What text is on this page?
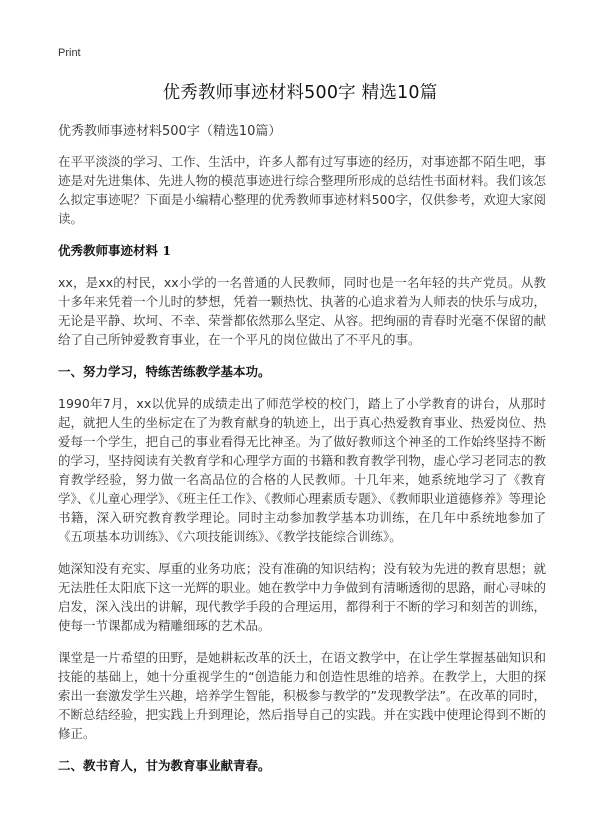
Print
优秀教师事迹材料500字 精选10篇

优秀教师事迹材料500字（精选10篇）

在平平淡淡的学习、工作、生活中，许多人都有过写事迹的经历，对事迹都不陌生吧，事迹是对先进集体、先进人物的模范事迹进行综合整理所形成的总结性书面材料。我们该怎么拟定事迹呢？下面是小编精心整理的优秀教师事迹材料500字，仅供参考，欢迎大家阅读。

优秀教师事迹材料 1

xx，是xx的村民，xx小学的一名普通的人民教师，同时也是一名年轻的共产党员。从教十多年来凭着一个儿时的梦想，凭着一颗热忱、执著的心追求着为人师表的快乐与成功，无论是平静、坎坷、不幸、荣誉都依然那么坚定、从容。把绚丽的青春时光毫不保留的献给了自己所钟爱教育事业，在一个平凡的岗位做出了不平凡的事。

一、努力学习，特练苦练教学基本功。

1990年7月，xx以优异的成绩走出了师范学校的校门，踏上了小学教育的讲台，从那时起，就把人生的坐标定在了为教育献身的轨迹上，出于真心热爱教育事业、热爱岗位、热爱每一个学生，把自己的事业看得无比神圣。为了做好教师这个神圣的工作始终坚持不断的学习，坚持阅读有关教育学和心理学方面的书籍和教育教学刊物，虚心学习老同志的教育教学经验，努力做一名高品位的合格的人民教师。十几年来，她系统地学习了《教育学》、《儿童心理学》、《班主任工作》、《教师心理素质专题》、《教师职业道德修养》等理论书籍，深入研究教育教学理论。同时主动参加教学基本功训练，在几年中系统地参加了《五项基本功训练》、《六项技能训练》、《教学技能综合训练》。

她深知没有充实、厚重的业务功底；没有准确的知识结构；没有较为先进的教育思想；就无法胜任太阳底下这一光辉的职业。她在教学中力争做到有清晰透彻的思路，耐心寻味的启发，深入浅出的讲解，现代教学手段的合理运用，都得利于不断的学习和刻苦的训练，使每一节课都成为精雕细琢的艺术品。

课堂是一片希望的田野，是她耕耘改革的沃土，在语文教学中，在让学生掌握基础知识和技能的基础上，她十分重视学生的“创造能力和创造性思维的培养。在教学上，大胆的探索出一套激发学生兴趣，培养学生智能，积极参与教学的”发现教学法”。在改革的同时，不断总结经验，把实践上升到理论，然后指导自己的实践。并在实践中使理论得到不断的修正。

二、教书育人，甘为教育事业献青春。
